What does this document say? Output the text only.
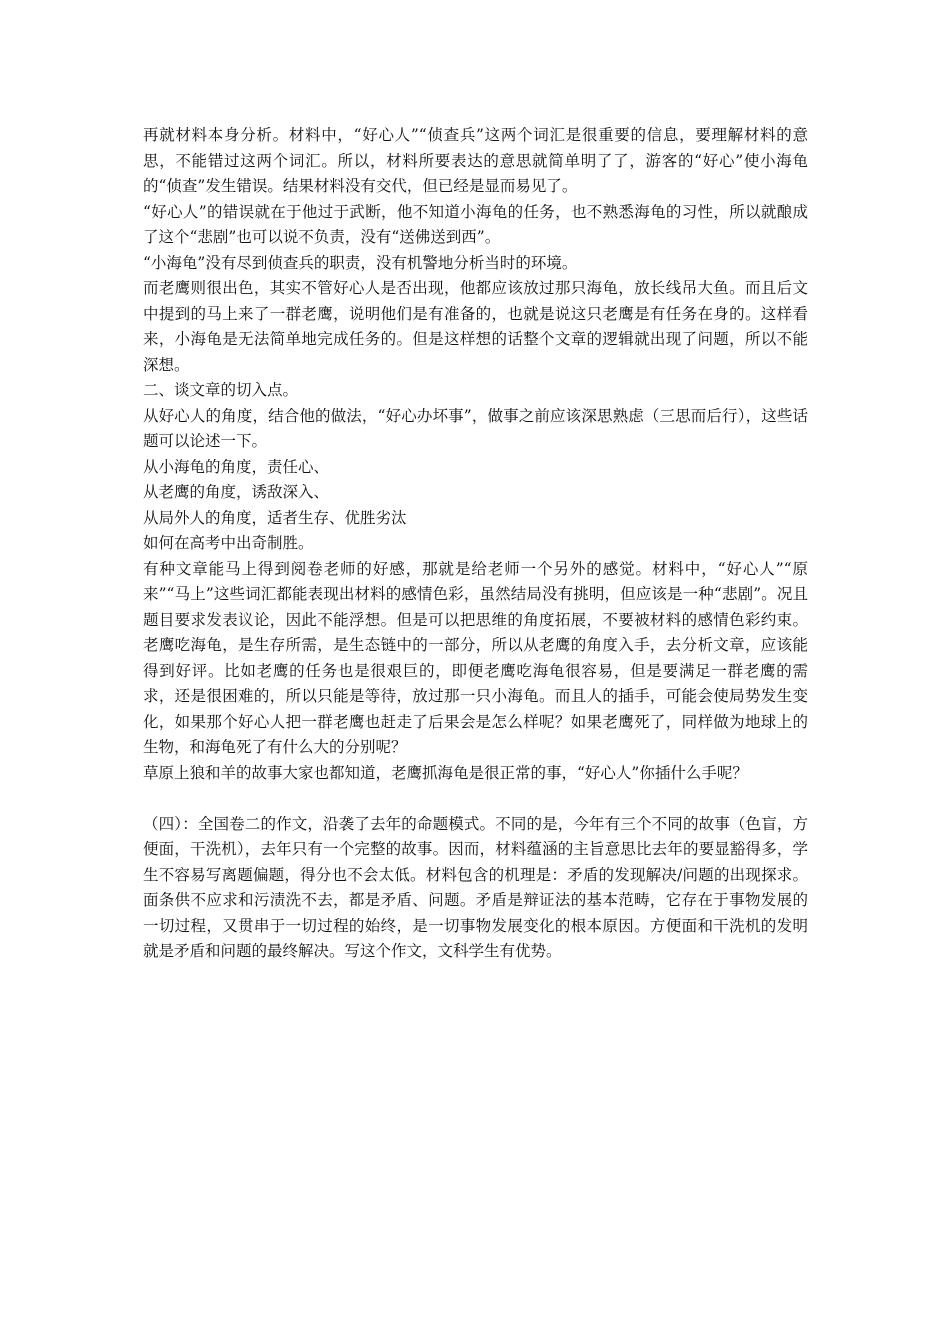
再就材料本身分析。材料中，“好心人”“侦查兵”这两个词汇是很重要的信息，要理解材料的意思，不能错过这两个词汇。所以，材料所要表达的意思就简单明了了，游客的“好心”使小海龟的“侦查”发生错误。结果材料没有交代，但已经是显而易见了。

“好心人”的错误就在于他过于武断，他不知道小海龟的任务，也不熟悉海龟的习性，所以就酿成了这个“悲剧”也可以说不负责，没有“送佛送到西”。

“小海龟”没有尽到侦查兵的职责，没有机警地分析当时的环境。

而老鹰则很出色，其实不管好心人是否出现，他都应该放过那只海龟，放长线吊大鱼。而且后文中提到的马上来了一群老鹰，说明他们是有准备的，也就是说这只老鹰是有任务在身的。这样看来，小海龟是无法简单地完成任务的。但是这样想的话整个文章的逻辑就出现了问题，所以不能深想。

二、谈文章的切入点。

从好心人的角度，结合他的做法，“好心办坏事”，做事之前应该深思熟虑（三思而后行），这些话题可以论述一下。

从小海龟的角度，责任心、

从老鹰的角度，诱敌深入、

从局外人的角度，适者生存、优胜劣汰

如何在高考中出奇制胜。

有种文章能马上得到阅卷老师的好感，那就是给老师一个另外的感觉。材料中，“好心人”“原来”“马上”这些词汇都能表现出材料的感情色彩，虽然结局没有挑明，但应该是一种“悲剧”。况且题目要求发表议论，因此不能浮想。但是可以把思维的角度拓展，不要被材料的感情色彩约束。老鹰吃海龟，是生存所需，是生态链中的一部分，所以从老鹰的角度入手，去分析文章，应该能得到好评。比如老鹰的任务也是很艰巨的，即便老鹰吃海龟很容易，但是要满足一群老鹰的需求，还是很困难的，所以只能是等待，放过那一只小海龟。而且人的插手，可能会使局势发生变化，如果那个好心人把一群老鹰也赶走了后果会是怎么样呢？如果老鹰死了，同样做为地球上的生物，和海龟死了有什么大的分别呢？

草原上狼和羊的故事大家也都知道，老鹰抓海龟是很正常的事，“好心人”你插什么手呢？

（四）：全国卷二的作文，沿袭了去年的命题模式。不同的是，今年有三个不同的故事（色盲，方便面，干洗机），去年只有一个完整的故事。因而，材料蕴涵的主旨意思比去年的要显豁得多，学生不容易写离题偏题，得分也不会太低。材料包含的机理是：矛盾的发现解决/问题的出现探求。面条供不应求和污渍洗不去，都是矛盾、问题。矛盾是辩证法的基本范畴，它存在于事物发展的一切过程，又贯串于一切过程的始终，是一切事物发展变化的根本原因。方便面和干洗机的发明就是矛盾和问题的最终解决。写这个作文，文科学生有优势。
